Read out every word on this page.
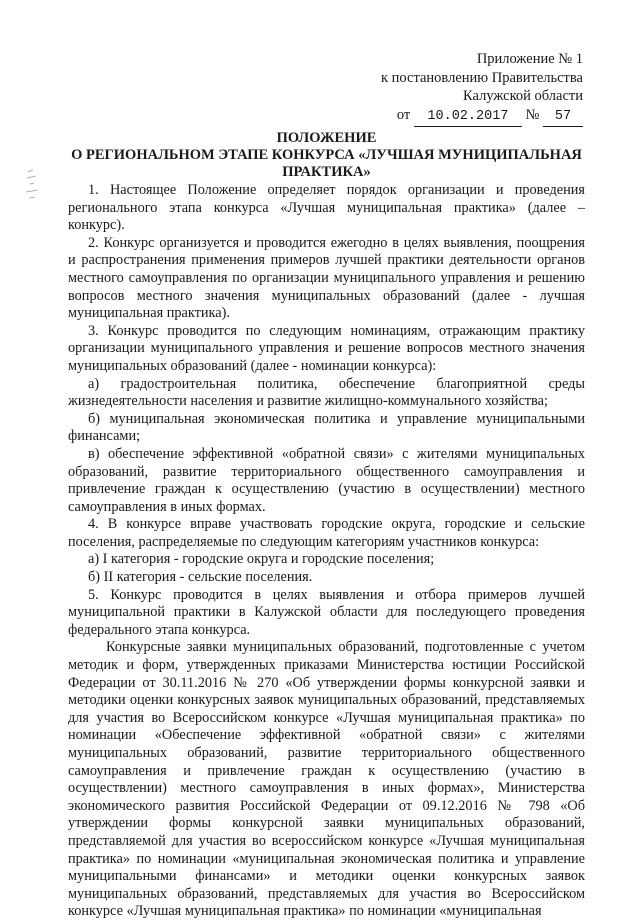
Приложение № 1
к постановлению Правительства
Калужской области
от 10.02.2017 № 57
ПОЛОЖЕНИЕ
О РЕГИОНАЛЬНОМ ЭТАПЕ КОНКУРСА «ЛУЧШАЯ МУНИЦИПАЛЬНАЯ
ПРАКТИКА»

1. Настоящее Положение определяет порядок организации и проведения регионального этапа конкурса «Лучшая муниципальная практика» (далее – конкурс).

2. Конкурс организуется и проводится ежегодно в целях выявления, поощрения и распространения применения примеров лучшей практики деятельности органов местного самоуправления по организации муниципального управления и решению вопросов местного значения муниципальных образований (далее - лучшая муниципальная практика).

3. Конкурс проводится по следующим номинациям, отражающим практику организации муниципального управления и решение вопросов местного значения муниципальных образований (далее - номинации конкурса):

а) градостроительная политика, обеспечение благоприятной среды жизнедеятельности населения и развитие жилищно-коммунального хозяйства;

б) муниципальная экономическая политика и управление муниципальными финансами;

в) обеспечение эффективной «обратной связи» с жителями муниципальных образований, развитие территориального общественного самоуправления и привлечение граждан к осуществлению (участию в осуществлении) местного самоуправления в иных формах.

4. В конкурсе вправе участвовать городские округа, городские и сельские поселения, распределяемые по следующим категориям участников конкурса:

а) I категория - городские округа и городские поселения;

б) II категория - сельские поселения.

5. Конкурс проводится в целях выявления и отбора примеров лучшей муниципальной практики в Калужской области для последующего проведения федерального этапа конкурса.

Конкурсные заявки муниципальных образований, подготовленные с учетом методик и форм, утвержденных приказами Министерства юстиции Российской Федерации от 30.11.2016 № 270 «Об утверждении формы конкурсной заявки и методики оценки конкурсных заявок муниципальных образований, представляемых для участия во Всероссийском конкурсе «Лучшая муниципальная практика» по номинации «Обеспечение эффективной «обратной связи» с жителями муниципальных образований, развитие территориального общественного самоуправления и привлечение граждан к осуществлению (участию в осуществлении) местного самоуправления в иных формах», Министерства экономического развития Российской Федерации от 09.12.2016 № 798 «Об утверждении формы конкурсной заявки муниципальных образований, представляемой для участия во всероссийском конкурсе «Лучшая муниципальная практика» по номинации «муниципальная экономическая политика и управление муниципальными финансами» и методики оценки конкурсных заявок муниципальных образований, представляемых для участия во Всероссийском конкурсе «Лучшая муниципальная практика» по номинации «муниципальная
